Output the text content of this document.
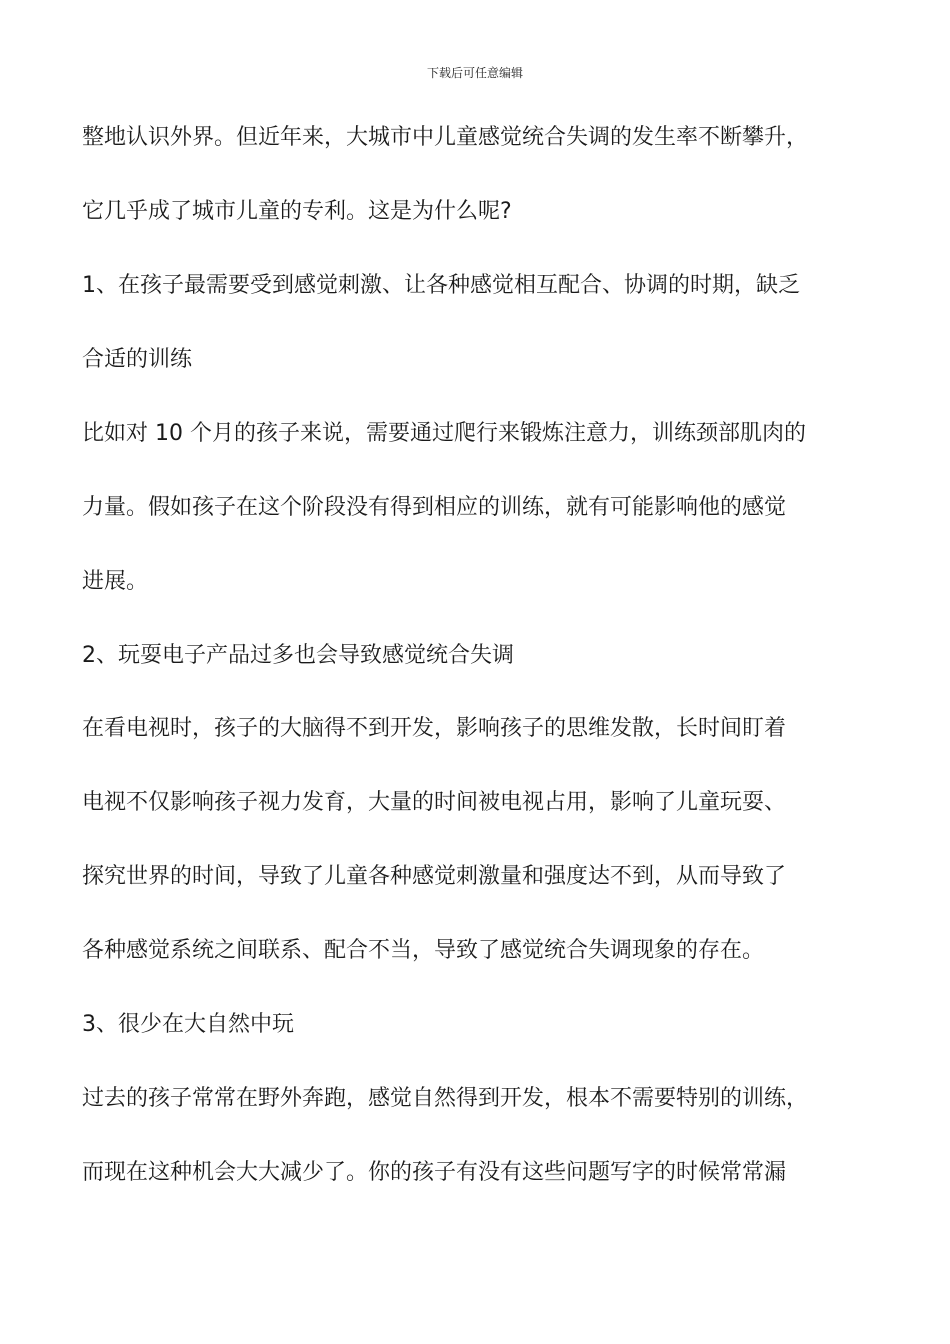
下载后可任意编辑
整地认识外界。但近年来，大城市中儿童感觉统合失调的发生率不断攀升，
它几乎成了城市儿童的专利。这是为什么呢?
1、在孩子最需要受到感觉刺激、让各种感觉相互配合、协调的时期，缺乏
合适的训练
比如对 10 个月的孩子来说，需要通过爬行来锻炼注意力，训练颈部肌肉的
力量。假如孩子在这个阶段没有得到相应的训练，就有可能影响他的感觉
进展。
2、玩耍电子产品过多也会导致感觉统合失调
在看电视时，孩子的大脑得不到开发，影响孩子的思维发散，长时间盯着
电视不仅影响孩子视力发育，大量的时间被电视占用，影响了儿童玩耍、
探究世界的时间，导致了儿童各种感觉刺激量和强度达不到，从而导致了
各种感觉系统之间联系、配合不当，导致了感觉统合失调现象的存在。
3、很少在大自然中玩
过去的孩子常常在野外奔跑，感觉自然得到开发，根本不需要特别的训练，
而现在这种机会大大减少了。你的孩子有没有这些问题写字的时候常常漏
